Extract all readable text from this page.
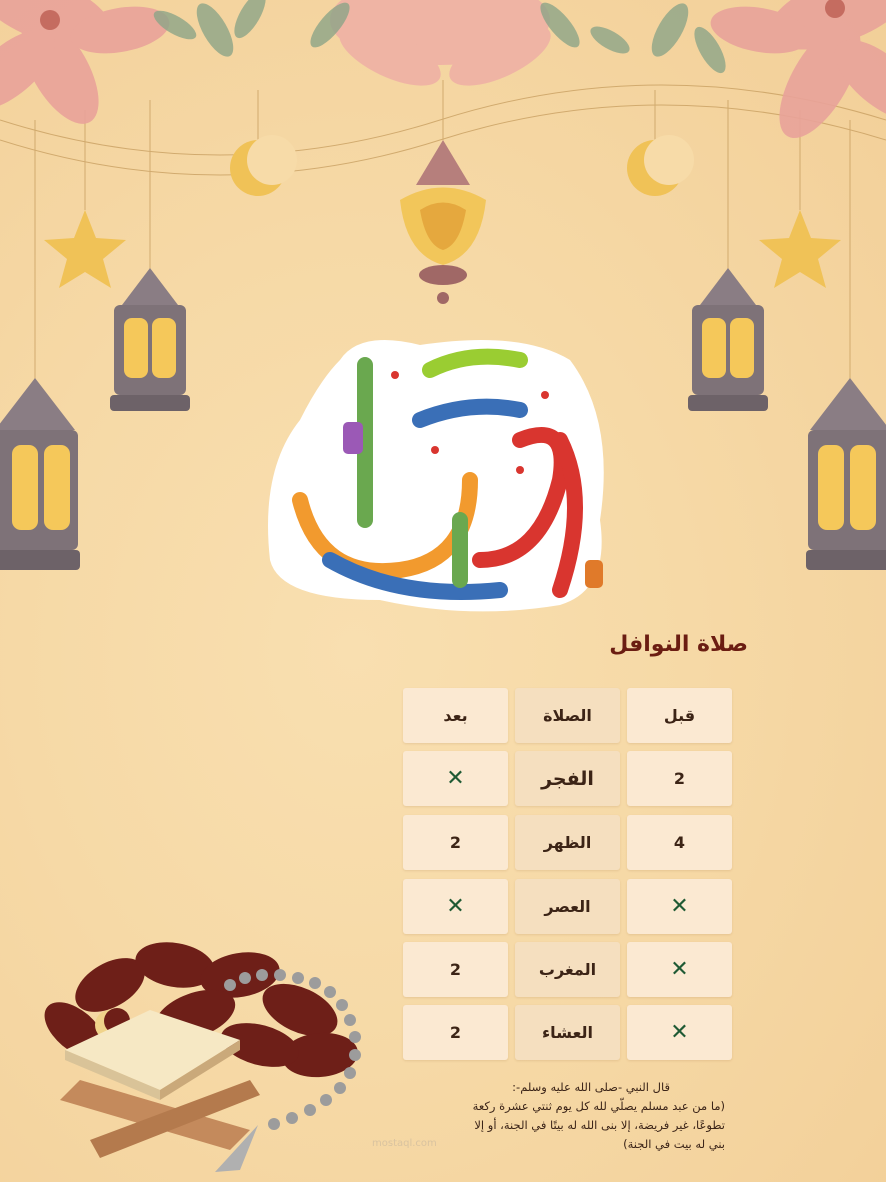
صلاة النوافل
قبل
الصلاة
بعد
2
الفجر
✕
4
الظهر
2
✕
العصر
✕
✕
المغرب
2
✕
العشاء
2
قال النبي -صلى الله عليه وسلم-:
(ما من عبد مسلم يصلّي لله كل يوم ثنتي عشرة ركعة
تطوعًا، غير فريضة، إلا بنى الله له بيتًا في الجنة، أو إلا
بني له بيت في الجنة)
mostaql.com
